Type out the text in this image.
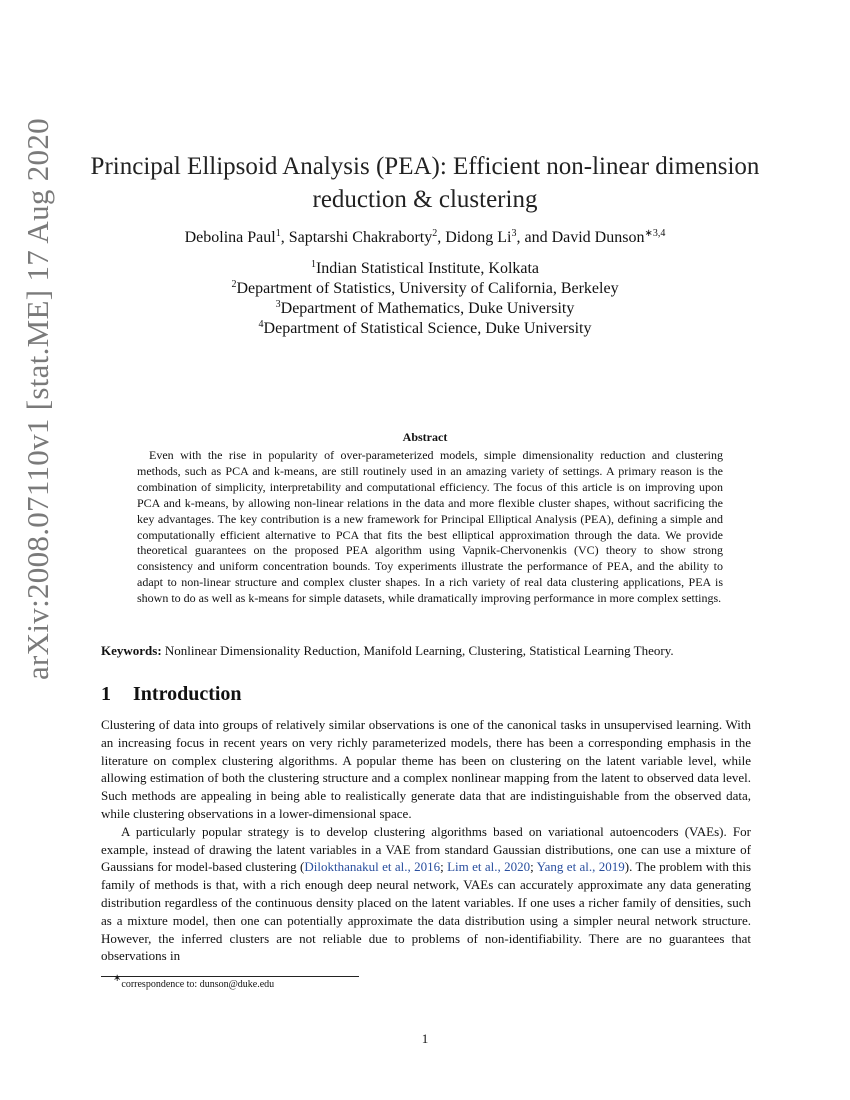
arXiv:2008.07110v1 [stat.ME] 17 Aug 2020 Principal Ellipsoid Analysis (PEA): Efficient non-linear dimension
reduction & clustering
Debolina Paul$^1$, Saptarshi Chakraborty$^2$, Didong Li$^3$, and David Dunson$^{∗3,4}$
$^1$Indian Statistical Institute, Kolkata
$^2$Department of Statistics, University of California, Berkeley
$^3$Department of Mathematics, Duke University
$^4$Department of Statistical Science, Duke University
Abstract
Even with the rise in popularity of over-parameterized models, simple dimensionality reduction and clustering methods, such as PCA and k-means, are still routinely used in an amazing variety of settings. A primary reason is the combination of simplicity, interpretability and computational efficiency. The focus of this article is on improving upon PCA and k-means, by allowing non-linear relations in the data and more flexible cluster shapes, without sacrificing the key advantages. The key contribution is a new framework for Principal Elliptical Analysis (PEA), defining a simple and computationally efficient alternative to PCA that fits the best elliptical approximation through the data. We provide theoretical guarantees on the proposed PEA algorithm using Vapnik-Chervonenkis (VC) theory to show strong consistency and uniform concentration bounds. Toy experiments illustrate the performance of PEA, and the ability to adapt to non-linear structure and complex cluster shapes. In a rich variety of real data clustering applications, PEA is shown to do as well as k-means for simple datasets, while dramatically improving performance in more complex settings.
Keywords: Nonlinear Dimensionality Reduction, Manifold Learning, Clustering, Statistical Learning Theory.
1 Introduction

Clustering of data into groups of relatively similar observations is one of the canonical tasks in unsupervised learning. With an increasing focus in recent years on very richly parameterized models, there has been a corresponding emphasis in the literature on complex clustering algorithms. A popular theme has been on clustering on the latent variable level, while allowing estimation of both the clustering structure and a complex nonlinear mapping from the latent to observed data level. Such methods are appealing in being able to realistically generate data that are indistinguishable from the observed data, while clustering observations in a lower-dimensional space.

A particularly popular strategy is to develop clustering algorithms based on variational autoencoders (VAEs). For example, instead of drawing the latent variables in a VAE from standard Gaussian distributions, one can use a mixture of Gaussians for model-based clustering (Dilokthanakul et al., 2016; Lim et al., 2020; Yang et al., 2019). The problem with this family of methods is that, with a rich enough deep neural network, VAEs can accurately approximate any data generating distribution regardless of the continuous density placed on the latent variables. If one uses a richer family of densities, such as a mixture model, then one can potentially approximate the data distribution using a simpler neural network structure. However, the inferred clusters are not reliable due to problems of non-identifiability. There are no guarantees that observations in

∗correspondence to: dunson@duke.edu
1
